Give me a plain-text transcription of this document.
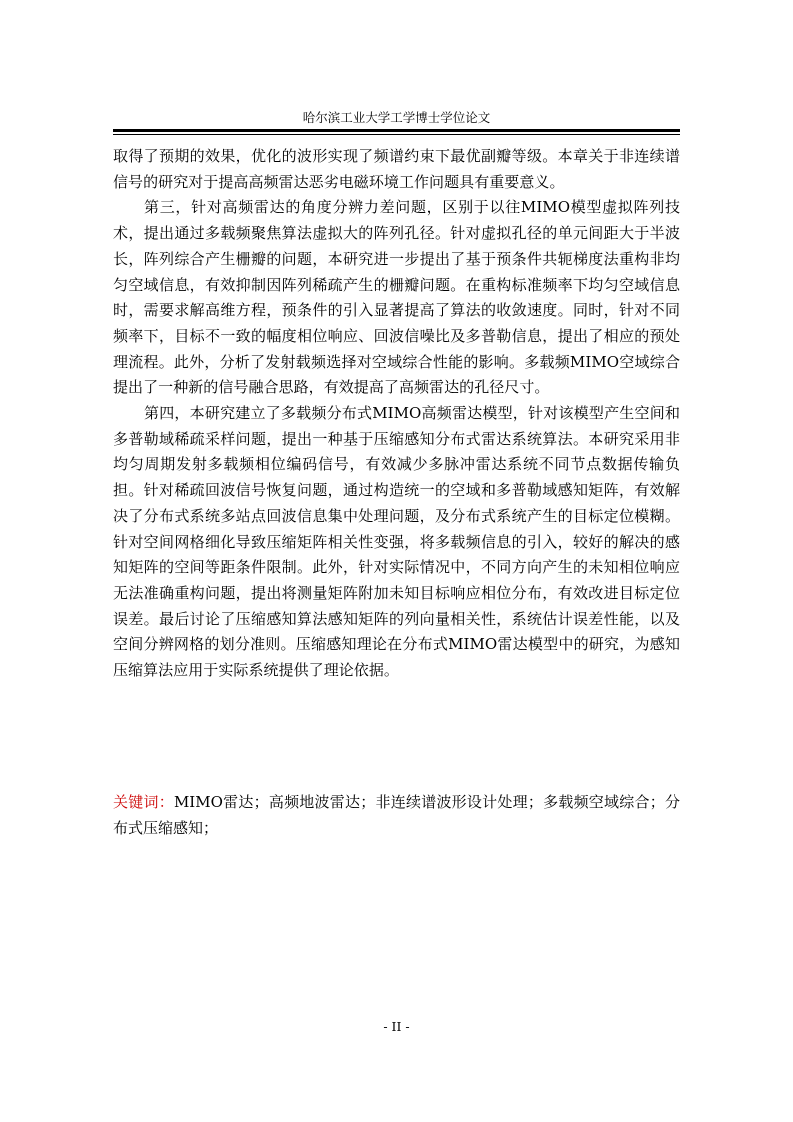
哈尔滨工业大学工学博士学位论文

取得了预期的效果，优化的波形实现了频谱约束下最优副瓣等级。本章关于非连续谱信号的研究对于提高高频雷达恶劣电磁环境工作问题具有重要意义。

第三，针对高频雷达的角度分辨力差问题，区别于以往MIMO模型虚拟阵列技术，提出通过多载频聚焦算法虚拟大的阵列孔径。针对虚拟孔径的单元间距大于半波长，阵列综合产生栅瓣的问题，本研究进一步提出了基于预条件共轭梯度法重构非均匀空域信息，有效抑制因阵列稀疏产生的栅瓣问题。在重构标准频率下均匀空域信息时，需要求解高维方程，预条件的引入显著提高了算法的收敛速度。同时，针对不同频率下，目标不一致的幅度相位响应、回波信噪比及多普勒信息，提出了相应的预处理流程。此外，分析了发射载频选择对空域综合性能的影响。多载频MIMO空域综合提出了一种新的信号融合思路，有效提高了高频雷达的孔径尺寸。

第四，本研究建立了多载频分布式MIMO高频雷达模型，针对该模型产生空间和多普勒域稀疏采样问题，提出一种基于压缩感知分布式雷达系统算法。本研究采用非均匀周期发射多载频相位编码信号，有效减少多脉冲雷达系统不同节点数据传输负担。针对稀疏回波信号恢复问题，通过构造统一的空域和多普勒域感知矩阵，有效解决了分布式系统多站点回波信息集中处理问题，及分布式系统产生的目标定位模糊。针对空间网格细化导致压缩矩阵相关性变强，将多载频信息的引入，较好的解决的感知矩阵的空间等距条件限制。此外，针对实际情况中，不同方向产生的未知相位响应无法准确重构问题，提出将测量矩阵附加未知目标响应相位分布，有效改进目标定位误差。最后讨论了压缩感知算法感知矩阵的列向量相关性，系统估计误差性能，以及空间分辨网格的划分准则。压缩感知理论在分布式MIMO雷达模型中的研究，为感知压缩算法应用于实际系统提供了理论依据。

关键词：MIMO雷达；高频地波雷达；非连续谱波形设计处理；多载频空域综合；分布式压缩感知；

- II -
